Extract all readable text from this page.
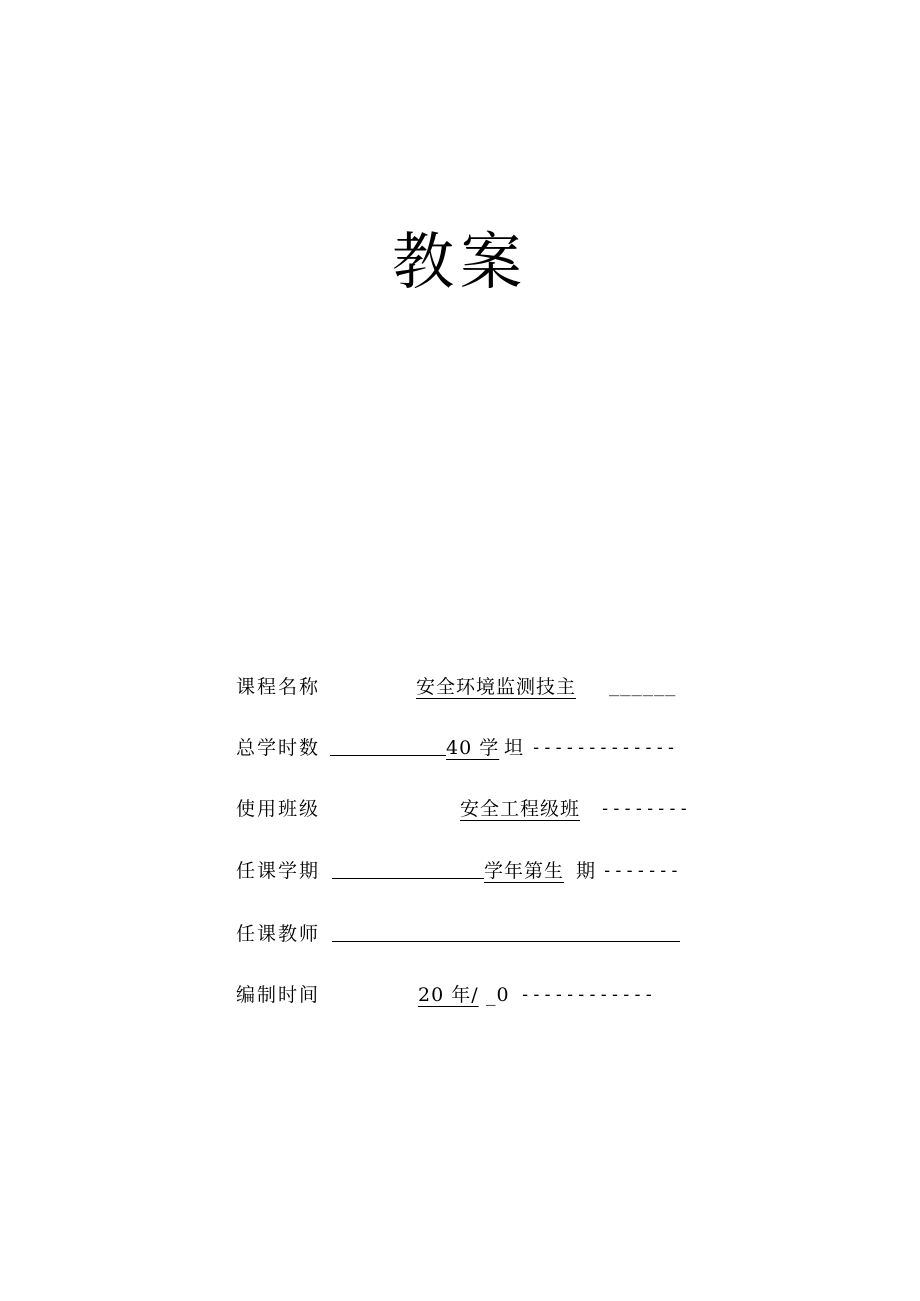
教案
课程名称	安全环境监测技主 ______
总学时数	40 学 坦 -------------
使用班级	安全工程级班 --------
任课学期	学年第生 期 -------
任课教师
编制时间	20 年/ _0 ------------
